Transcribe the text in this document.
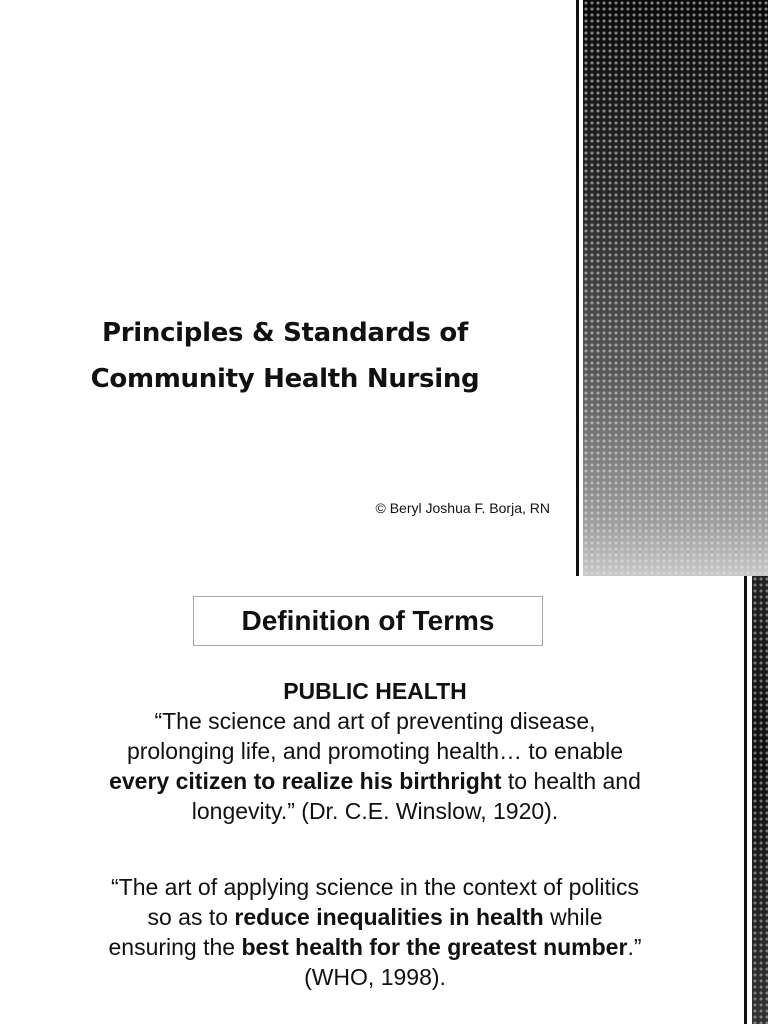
Principles & Standards of
Community Health Nursing
© Beryl Joshua F. Borja, RN
Definition of Terms
PUBLIC HEALTH
“The science and art of preventing disease,
prolonging life, and promoting health… to enable
every citizen to realize his birthright to health and
longevity.” (Dr. C.E. Winslow, 1920).
“The art of applying science in the context of politics
so as to reduce inequalities in health while
ensuring the best health for the greatest number.”
(WHO, 1998).
